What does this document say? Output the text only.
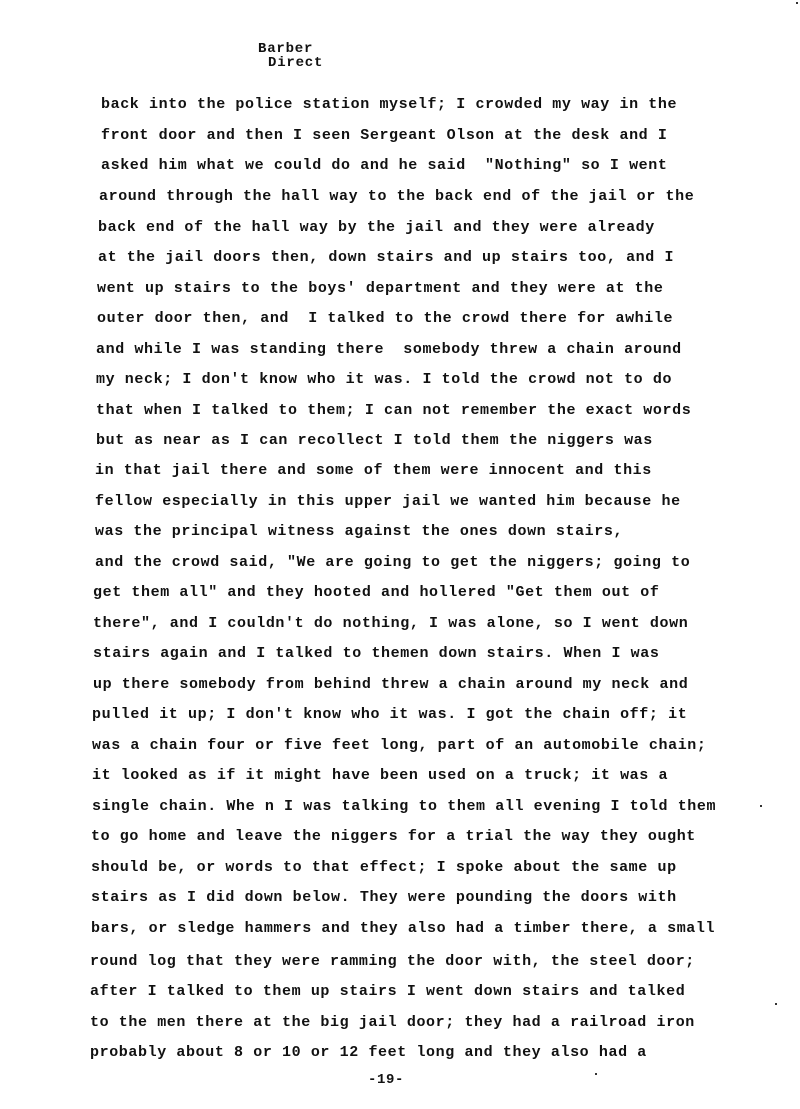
Barber
Direct
back into the police station myself; I crowded my way in the
front door and then I seen Sergeant Olson at the desk and I
asked him what we could do and he said  "Nothing" so I went
around through the hall way to the back end of the jail or the
back end of the hall way by the jail and they were already
at the jail doors then, down stairs and up stairs too, and I
went up stairs to the boys' department and they were at the
outer door then, and  I talked to the crowd there for awhile
and while I was standing there  somebody threw a chain around
my neck; I don't know who it was. I told the crowd not to do
that when I talked to them; I can not remember the exact words
but as near as I can recollect I told them the niggers was
in that jail there and some of them were innocent and this
fellow especially in this upper jail we wanted him because he
was the principal witness against the ones down stairs,
and the crowd said, "We are going to get the niggers; going to
get them all" and they hooted and hollered "Get them out of
there", and I couldn't do nothing, I was alone, so I went down
stairs again and I talked to themen down stairs. When I was
up there somebody from behind threw a chain around my neck and
pulled it up; I don't know who it was. I got the chain off; it
was a chain four or five feet long, part of an automobile chain;
it looked as if it might have been used on a truck; it was a
single chain. Whe n I was talking to them all evening I told them
to go home and leave the niggers for a trial the way they ought
should be, or words to that effect; I spoke about the same up
stairs as I did down below. They were pounding the doors with
bars, or sledge hammers and they also had a timber there, a small
round log that they were ramming the door with, the steel door;
after I talked to them up stairs I went down stairs and talked
to the men there at the big jail door; they had a railroad iron
probably about 8 or 10 or 12 feet long and they also had a
-19-
